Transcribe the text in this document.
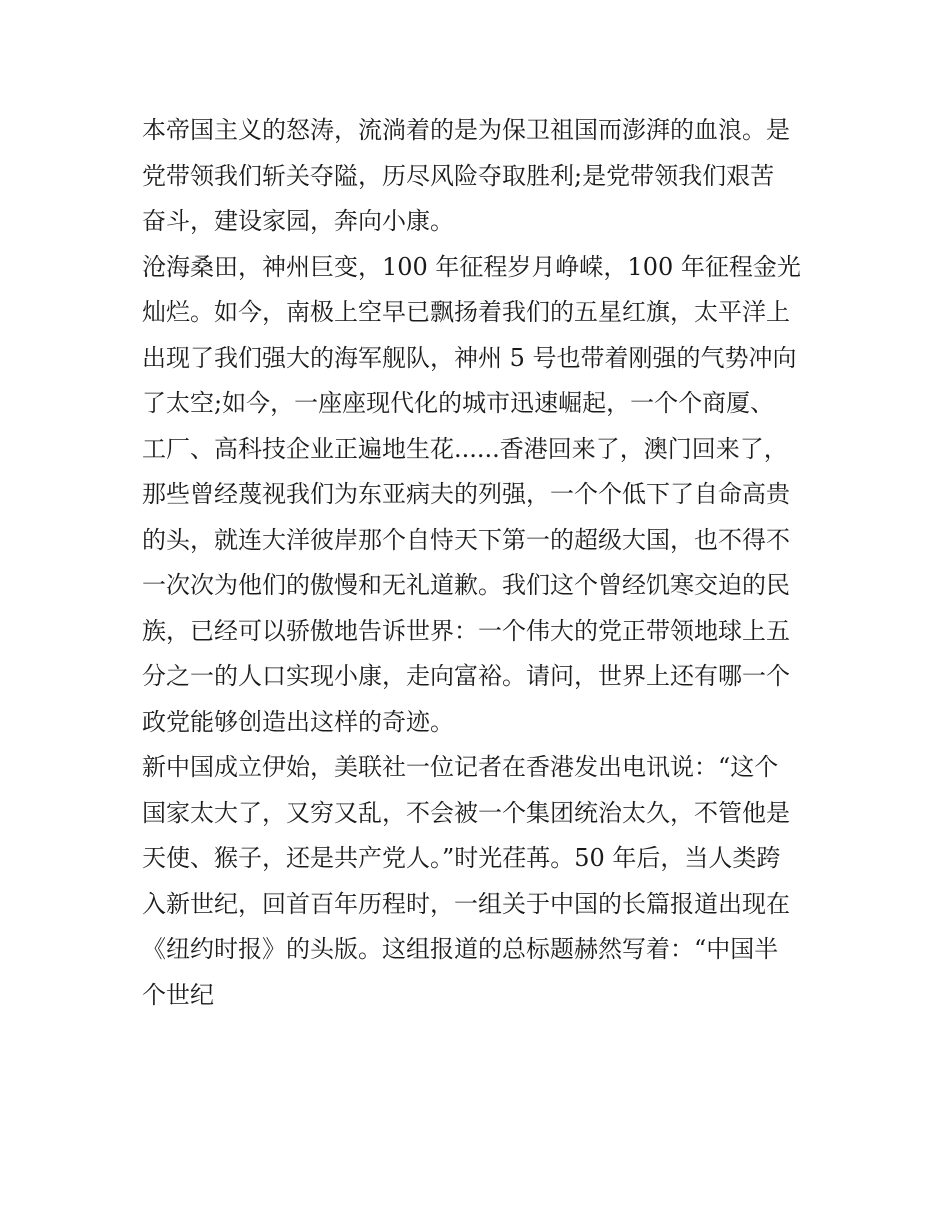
本帝国主义的怒涛，流淌着的是为保卫祖国而澎湃的血浪。是
党带领我们斩关夺隘，历尽风险夺取胜利;是党带领我们艰苦
奋斗，建设家园，奔向小康。
沧海桑田，神州巨变，100 年征程岁月峥嵘，100 年征程金光
灿烂。如今，南极上空早已飘扬着我们的五星红旗，太平洋上
出现了我们强大的海军舰队，神州 5 号也带着刚强的气势冲向
了太空;如今，一座座现代化的城市迅速崛起，一个个商厦、
工厂、高科技企业正遍地生花......香港回来了，澳门回来了，
那些曾经蔑视我们为东亚病夫的列强，一个个低下了自命高贵
的头，就连大洋彼岸那个自恃天下第一的超级大国，也不得不
一次次为他们的傲慢和无礼道歉。我们这个曾经饥寒交迫的民
族，已经可以骄傲地告诉世界：一个伟大的党正带领地球上五
分之一的人口实现小康，走向富裕。请问，世界上还有哪一个
政党能够创造出这样的奇迹。
新中国成立伊始，美联社一位记者在香港发出电讯说：“这个
国家太大了，又穷又乱，不会被一个集团统治太久，不管他是
天使、猴子，还是共产党人。”时光荏苒。50 年后，当人类跨
入新世纪，回首百年历程时，一组关于中国的长篇报道出现在
《纽约时报》的头版。这组报道的总标题赫然写着：“中国半
个世纪
